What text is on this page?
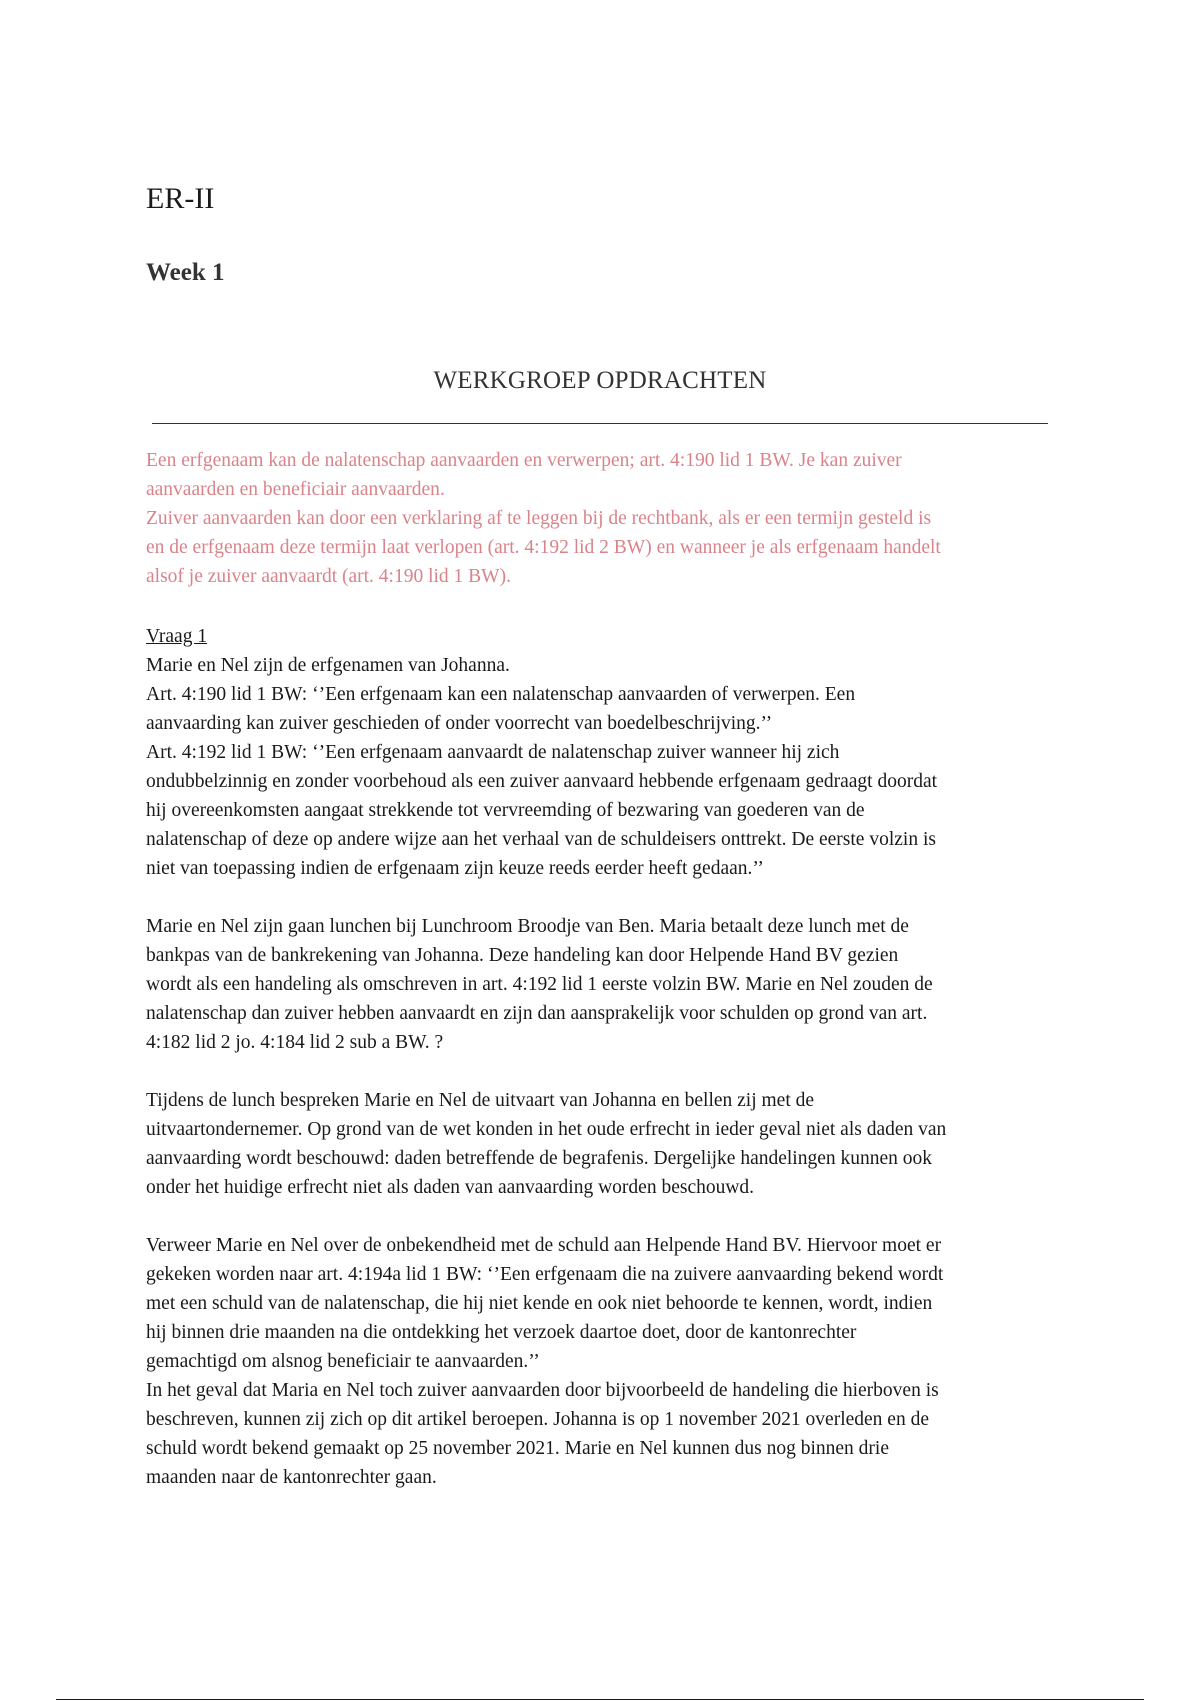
ER-II
Week 1
WERKGROEP OPDRACHTEN
Een erfgenaam kan de nalatenschap aanvaarden en verwerpen; art. 4:190 lid 1 BW. Je kan zuiver
aanvaarden en beneficiair aanvaarden.
Zuiver aanvaarden kan door een verklaring af te leggen bij de rechtbank, als er een termijn gesteld is
en de erfgenaam deze termijn laat verlopen (art. 4:192 lid 2 BW) en wanneer je als erfgenaam handelt
alsof je zuiver aanvaardt (art. 4:190 lid 1 BW).
Vraag 1
Marie en Nel zijn de erfgenamen van Johanna.
Art. 4:190 lid 1 BW: ‘’Een erfgenaam kan een nalatenschap aanvaarden of verwerpen. Een
aanvaarding kan zuiver geschieden of onder voorrecht van boedelbeschrijving.’’
Art. 4:192 lid 1 BW: ‘’Een erfgenaam aanvaardt de nalatenschap zuiver wanneer hij zich
ondubbelzinnig en zonder voorbehoud als een zuiver aanvaard hebbende erfgenaam gedraagt doordat
hij overeenkomsten aangaat strekkende tot vervreemding of bezwaring van goederen van de
nalatenschap of deze op andere wijze aan het verhaal van de schuldeisers onttrekt. De eerste volzin is
niet van toepassing indien de erfgenaam zijn keuze reeds eerder heeft gedaan.’’
Marie en Nel zijn gaan lunchen bij Lunchroom Broodje van Ben. Maria betaalt deze lunch met de
bankpas van de bankrekening van Johanna. Deze handeling kan door Helpende Hand BV gezien
wordt als een handeling als omschreven in art. 4:192 lid 1 eerste volzin BW. Marie en Nel zouden de
nalatenschap dan zuiver hebben aanvaardt en zijn dan aansprakelijk voor schulden op grond van art.
4:182 lid 2 jo. 4:184 lid 2 sub a BW. ?
Tijdens de lunch bespreken Marie en Nel de uitvaart van Johanna en bellen zij met de
uitvaartondernemer. Op grond van de wet konden in het oude erfrecht in ieder geval niet als daden van
aanvaarding wordt beschouwd: daden betreffende de begrafenis. Dergelijke handelingen kunnen ook
onder het huidige erfrecht niet als daden van aanvaarding worden beschouwd.
Verweer Marie en Nel over de onbekendheid met de schuld aan Helpende Hand BV. Hiervoor moet er
gekeken worden naar art. 4:194a lid 1 BW: ‘’Een erfgenaam die na zuivere aanvaarding bekend wordt
met een schuld van de nalatenschap, die hij niet kende en ook niet behoorde te kennen, wordt, indien
hij binnen drie maanden na die ontdekking het verzoek daartoe doet, door de kantonrechter
gemachtigd om alsnog beneficiair te aanvaarden.’’
In het geval dat Maria en Nel toch zuiver aanvaarden door bijvoorbeeld de handeling die hierboven is
beschreven, kunnen zij zich op dit artikel beroepen. Johanna is op 1 november 2021 overleden en de
schuld wordt bekend gemaakt op 25 november 2021. Marie en Nel kunnen dus nog binnen drie
maanden naar de kantonrechter gaan.
